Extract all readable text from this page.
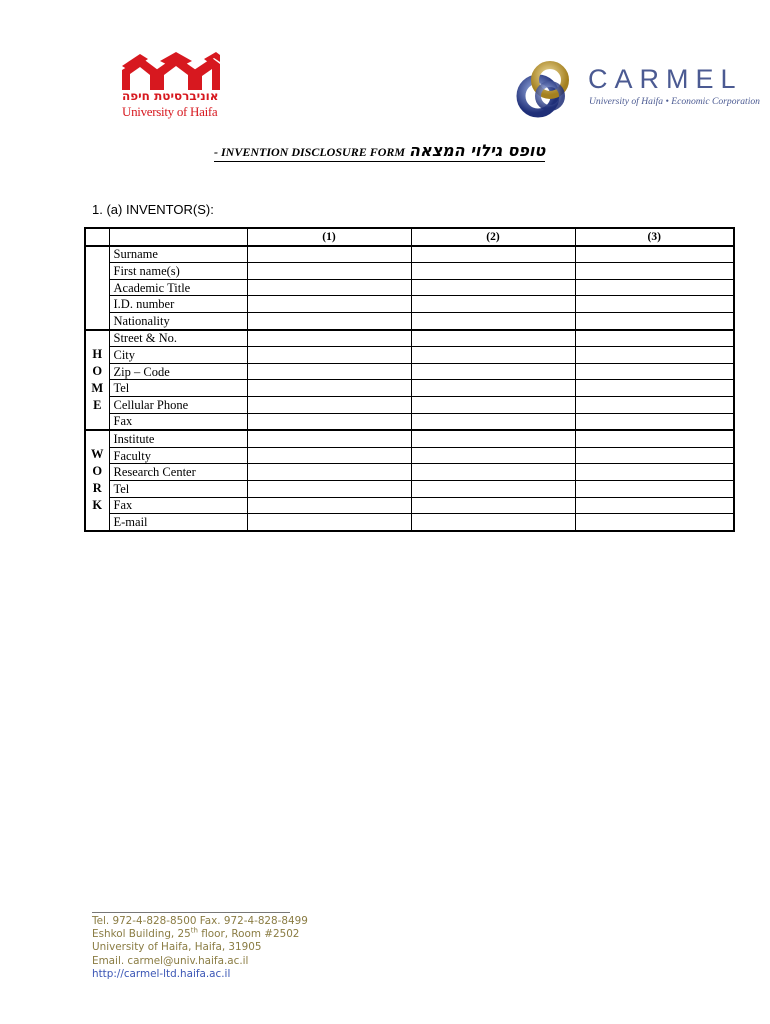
אוניברסיטת חיפה
University of Haifa
CARMEL
University of Haifa • Economic Corporation
- INVENTION DISCLOSURE FORM טופס גילוי המצאה
1. (a) INVENTOR(S):
		(1)	(2)	(3)
	Surname			
	First name(s)			
	Academic Title			
	I.D. number			
	Nationality			

H
O
M
E	Street & No.			
	City			
	Zip – Code			
	Tel			
	Cellular Phone			
	Fax			

W
O
R
K	Institute			
	Faculty			
	Research Center			
	Tel			
	Fax			
	E-mail			
Tel. 972-4-828-8500 Fax. 972-4-828-8499
Eshkol Building, 25th floor, Room #2502
University of Haifa, Haifa, 31905
Email. carmel@univ.haifa.ac.il
http://carmel-ltd.haifa.ac.il
